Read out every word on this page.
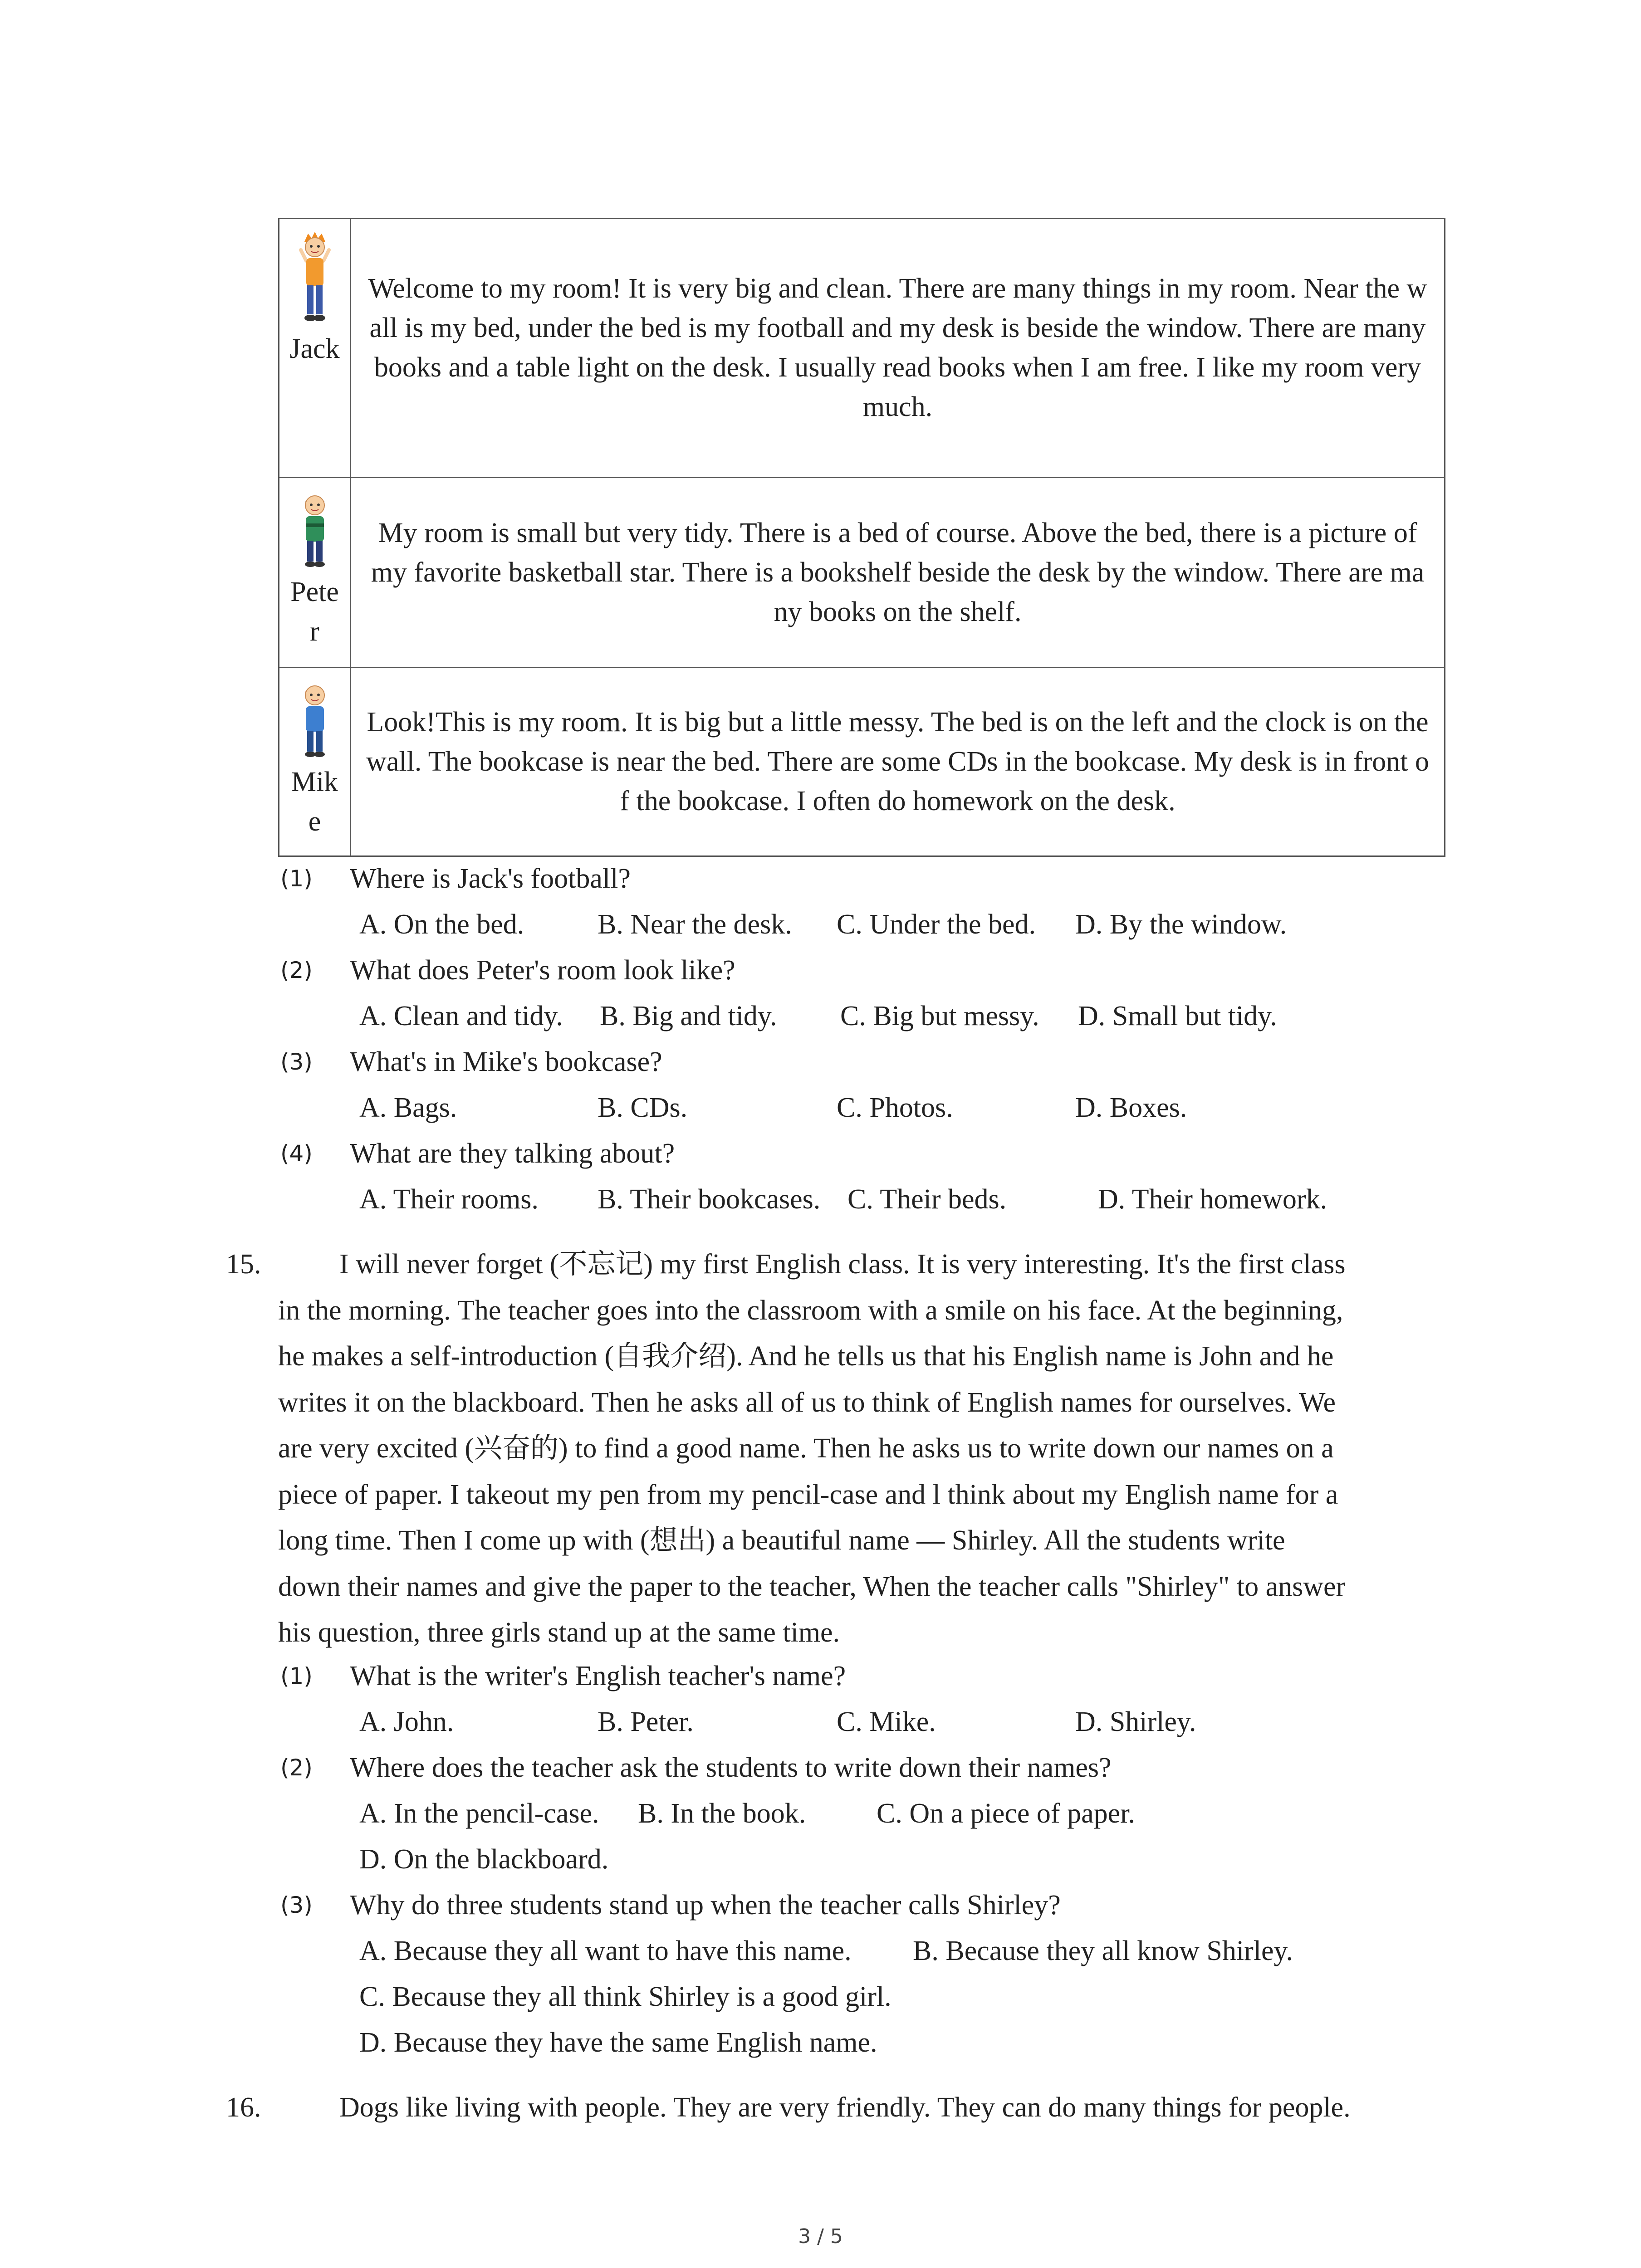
Jack	Welcome to my room! It is very big and clean. There are many things in my room. Near the wall is my bed, under the bed is my football and my desk is beside the window. There are many books and a table light on the desk. I usually read books when I am free. I like my room very much.

Peter	My room is small but very tidy. There is a bed of course. Above the bed, there is a picture of my favorite basketball star. There is a bookshelf beside the desk by the window. There are many books on the shelf.

Mike	Look!This is my room. It is big but a little messy. The bed is on the left and the clock is on the wall. The bookcase is near the bed. There are some CDs in the bookcase. My desk is in front of the bookcase. I often do homework on the desk.
(1) Where is Jack's football?
A. On the bed.	B. Near the desk. C. Under the bed. D. By the window.
(2) What does Peter's room look like?
A. Clean and tidy. B. Big and tidy. C. Big but messy. D. Small but tidy.
(3) What's in Mike's bookcase?
A. Bags.	B. CDs.	C. Photos.	D. Boxes.
(4) What are they talking about?
A. Their rooms. B. Their bookcases. C. Their beds.	D. Their homework.
15.	I will never forget (不忘记) my first English class. It is very interesting. It's the first class
in the morning. The teacher goes into the classroom with a smile on his face. At the beginning,
he makes a self-introduction (自我介绍). And he tells us that his English name is John and he
writes it on the blackboard. Then he asks all of us to think of English names for ourselves. We
are very excited (兴奋的) to find a good name. Then he asks us to write down our names on a
piece of paper. I takeout my pen from my pencil-case and l think about my English name for a
long time. Then I come up with (想出) a beautiful name — Shirley. All the students write
down their names and give the paper to the teacher, When the teacher calls "Shirley" to answer
his question, three girls stand up at the same time.
(1) What is the writer's English teacher's name?
A. John.	B. Peter.	C. Mike.	D. Shirley.
(2) Where does the teacher ask the students to write down their names?
A. In the pencil-case. B. In the book.	C. On a piece of paper.
D. On the blackboard.
(3) Why do three students stand up when the teacher calls Shirley?
A. Because they all want to have this name. B. Because they all know Shirley.
C. Because they all think Shirley is a good girl.
D. Because they have the same English name.
16.	Dogs like living with people. They are very friendly. They can do many things for people.
3 / 5
